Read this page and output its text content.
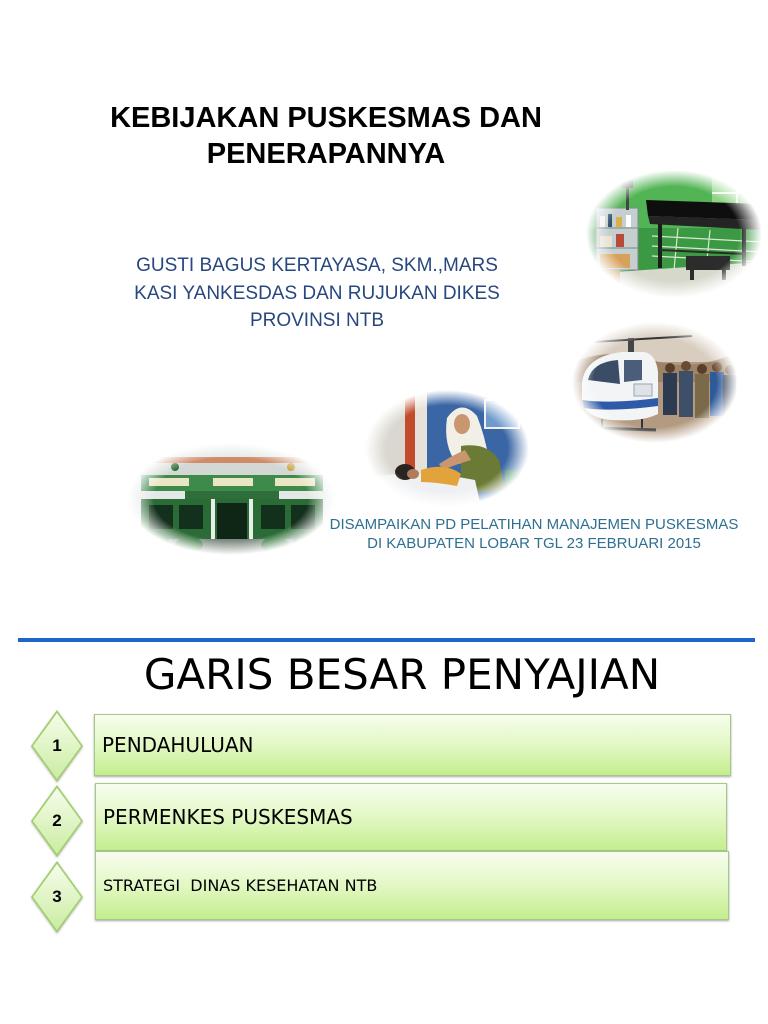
KEBIJAKAN PUSKESMAS DAN
PENERAPANNYA
GUSTI BAGUS KERTAYASA, SKM.,MARS
KASI YANKESDAS DAN RUJUKAN DIKES
PROVINSI NTB
DISAMPAIKAN PD PELATIHAN MANAJEMEN PUSKESMAS
DI KABUPATEN LOBAR TGL 23 FEBRUARI 2015
GARIS BESAR PENYAJIAN
1	PENDAHULUAN
2	PERMENKES PUSKESMAS
STRATEGI  DINAS KESEHATAN NTB
3
